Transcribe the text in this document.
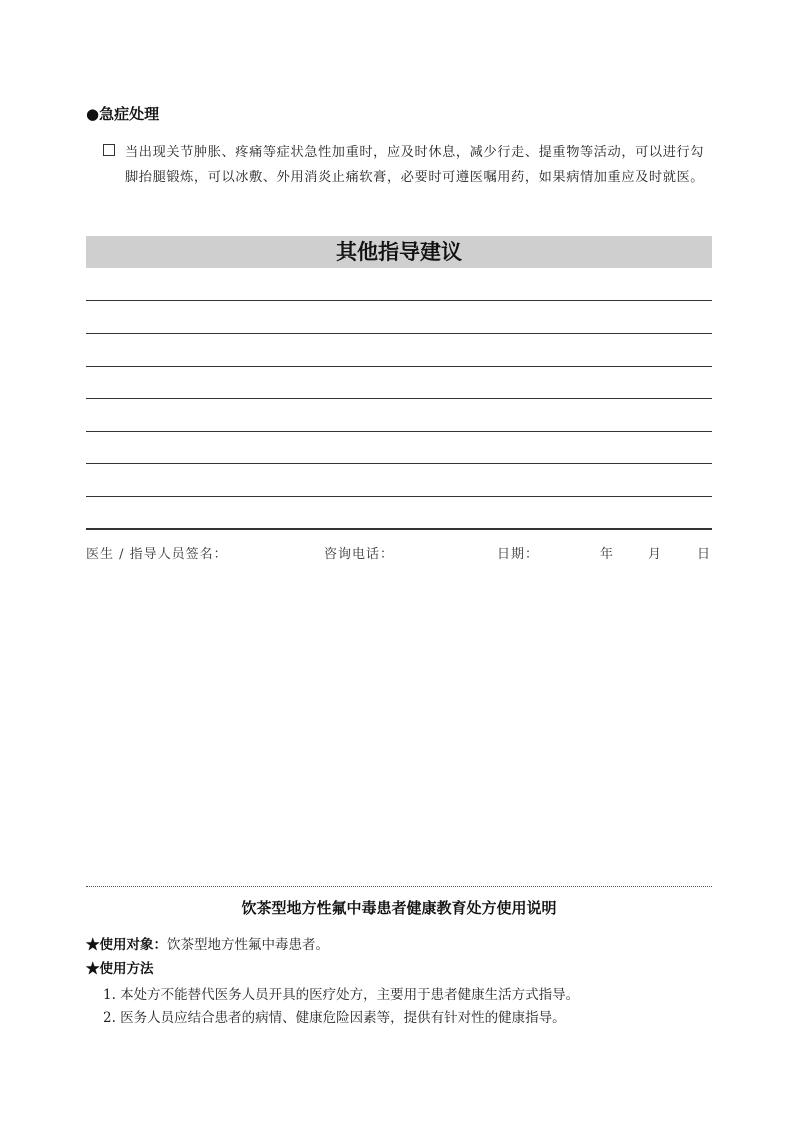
●急症处理
当出现关节肿胀、疼痛等症状急性加重时，应及时休息，减少行走、提重物等活动，可以进行勾脚抬腿锻炼，可以冰敷、外用消炎止痛软膏，必要时可遵医嘱用药，如果病情加重应及时就医。
其他指导建议
医生 / 指导人员签名：	咨询电话：	日期：	年	月	日
饮茶型地方性氟中毒患者健康教育处方使用说明
★使用对象：饮茶型地方性氟中毒患者。
★使用方法
1. 本处方不能替代医务人员开具的医疗处方，主要用于患者健康生活方式指导。
2. 医务人员应结合患者的病情、健康危险因素等，提供有针对性的健康指导。
